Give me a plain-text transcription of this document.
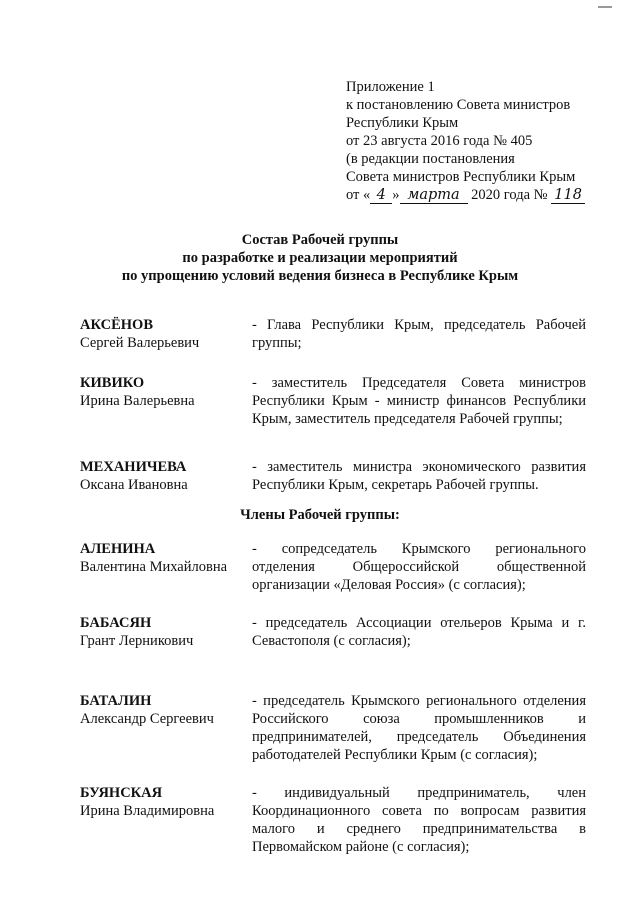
Приложение 1
к постановлению Совета министров
Республики Крым
от 23 августа 2016 года № 405
(в редакции постановления
Совета министров Республики Крым
от « 4 » марта 2020 года № 118
Состав Рабочей группы
по разработке и реализации мероприятий
по упрощению условий ведения бизнеса в Республике Крым
АКСЁНОВ
Сергей Валерьевич
- Глава Республики Крым, председатель Рабочей группы;
КИВИКО
Ирина Валерьевна
- заместитель Председателя Совета министров Республики Крым - министр финансов Республики Крым, заместитель председателя Рабочей группы;
МЕХАНИЧЕВА
Оксана Ивановна
- заместитель министра экономического развития Республики Крым, секретарь Рабочей группы.
Члены Рабочей группы:
АЛЕНИНА
Валентина Михайловна
- сопредседатель Крымского регионального отделения Общероссийской общественной организации «Деловая Россия» (с согласия);
БАБАСЯН
Грант Лерникович
- председатель Ассоциации отельеров Крыма и г. Севастополя (с согласия);
БАТАЛИН
Александр Сергеевич
- председатель Крымского регионального отделения Российского союза промышленников и предпринимателей, председатель Объединения работодателей Республики Крым (с согласия);
БУЯНСКАЯ
Ирина Владимировна
- индивидуальный предприниматель, член Координационного совета по вопросам развития малого и среднего предпринимательства в Первомайском районе (с согласия);
